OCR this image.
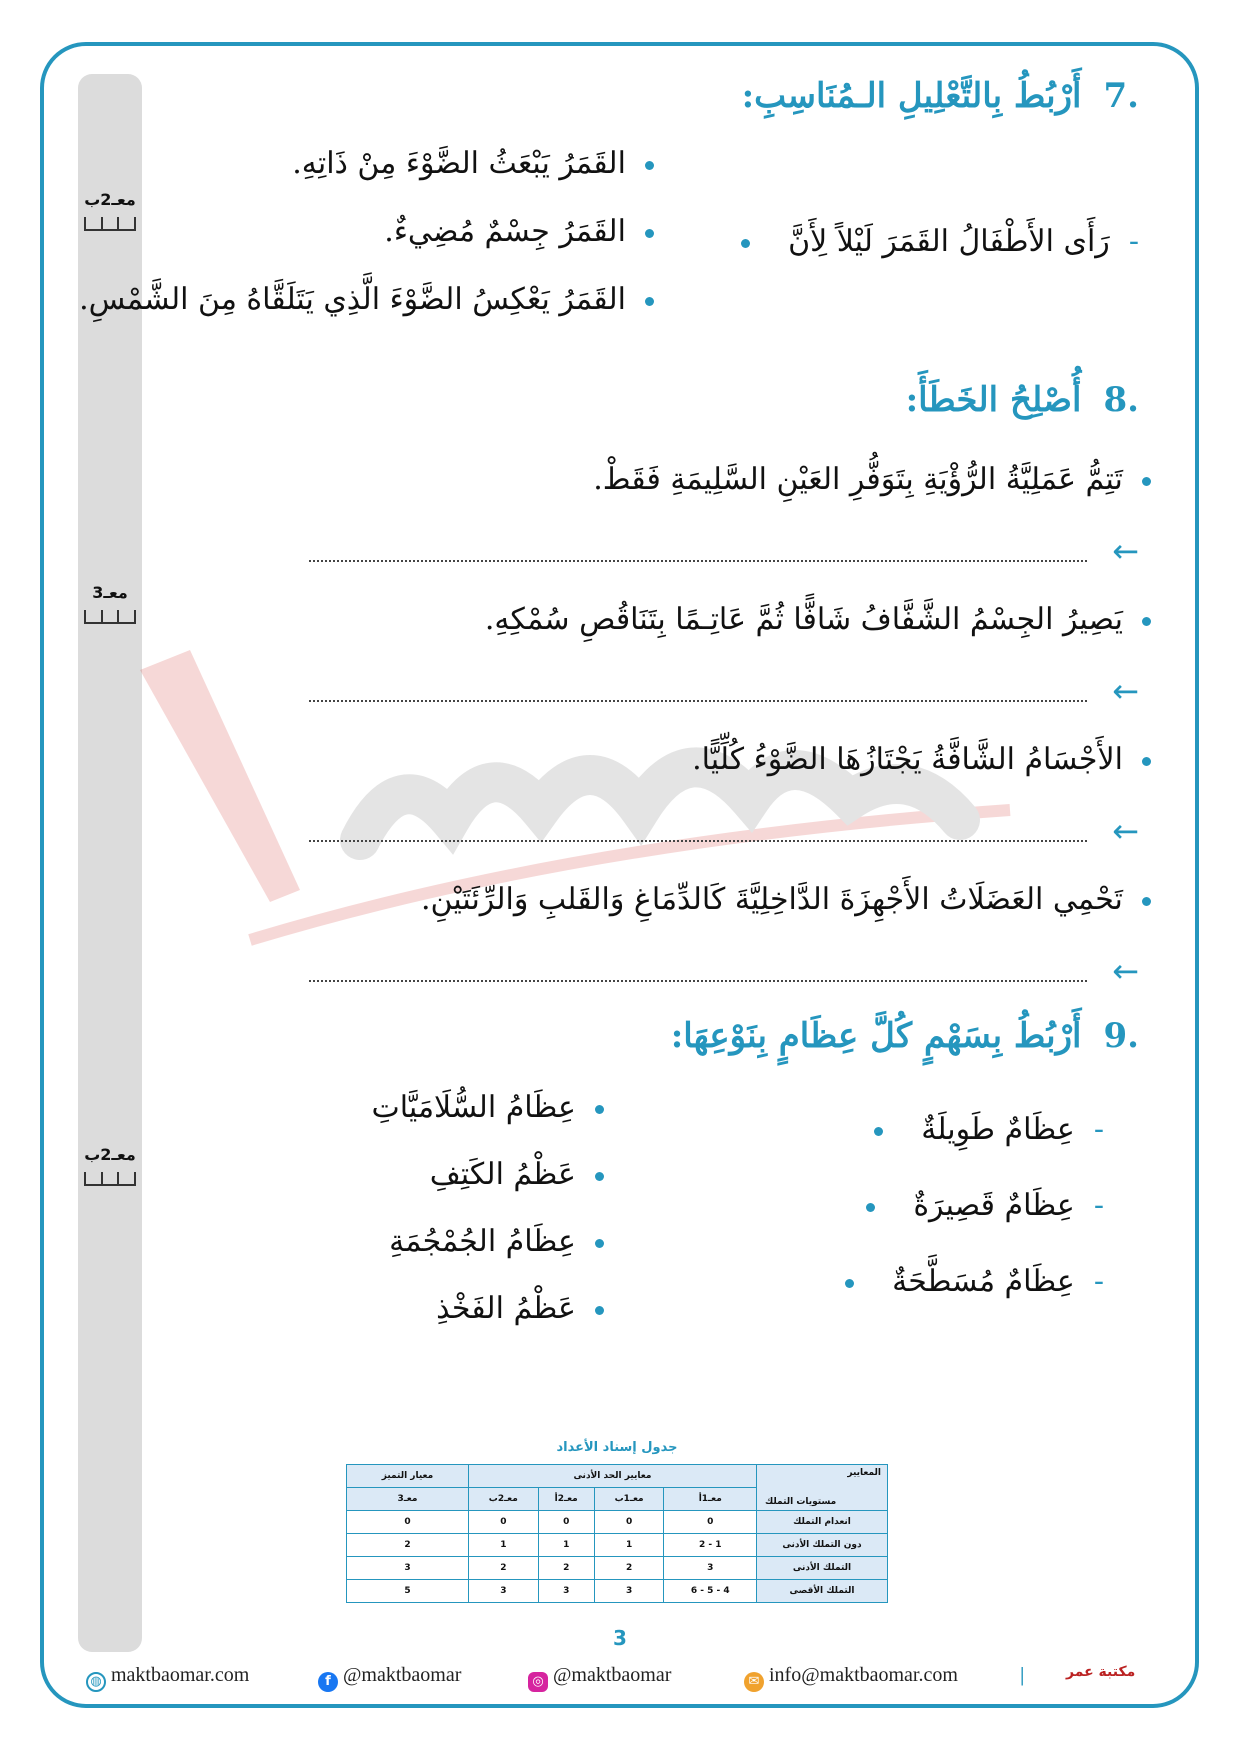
معـ2ب
معـ3
معـ2ب
.7أَرْبُطُ بِالتَّعْلِيلِ الـمُنَاسِبِ:
-  رَأَى الأَطْفَالُ القَمَرَ لَيْلاً لِأَنَّ
القَمَرُ يَبْعَثُ الضَّوْءَ مِنْ ذَاتِهِ.
القَمَرُ جِسْمٌ مُضِيءٌ.
القَمَرُ يَعْكِسُ الضَّوْءَ الَّذِي يَتَلَقَّاهُ مِنَ الشَّمْسِ.
.8أُصْلِحُ الخَطَأَ:
تَتِمُّ عَمَلِيَّةُ الرُّؤْيَةِ بِتَوَفُّرِ العَيْنِ السَّلِيمَةِ فَقَطْ.
←
يَصِيرُ الجِسْمُ الشَّفَّافُ شَافًّا ثُمَّ عَاتِـمًا بِتَنَاقُصِ سُمْكِهِ.
←
الأَجْسَامُ الشَّافَّةُ يَجْتَازُهَا الضَّوْءُ كُلِّيًّا.
←
تَحْمِي العَضَلَاتُ الأَجْهِزَةَ الدَّاخِلِيَّةَ كَالدِّمَاغِ وَالقَلبِ وَالرِّئَتَيْنِ.
←
.9أَرْبُطُ بِسَهْمٍ كُلَّ عِظَامٍ بِنَوْعِهَا:
-  عِظَامٌ طَوِيلَةٌ
-  عِظَامٌ قَصِيرَةٌ
-  عِظَامٌ مُسَطَّحَةٌ
عِظَامُ السُّلَامَيَّاتِ
عَظْمُ الكَتِفِ
عِظَامُ الجُمْجُمَةِ
عَظْمُ الفَخْذِ
جدول إسناد الأعداد
المعايير
مستويات التملك	معايير الحد الأدنى				معيار التميز
	معـ1أ	معـ1ب	معـ2أ	معـ2ب	معـ3
انعدام التملك	0	0	0	0	0
دون التملك الأدنى	1 - 2	1	1	1	2
التملك الأدنى	3	2	2	2	3
التملك الأقصى	4 - 5 - 6	3	3	3	5
3
◍ maktbaomar.com	f @maktbaomar	◎ @maktbaomar	✉ info@maktbaomar.com	|	مكتبة عمر
